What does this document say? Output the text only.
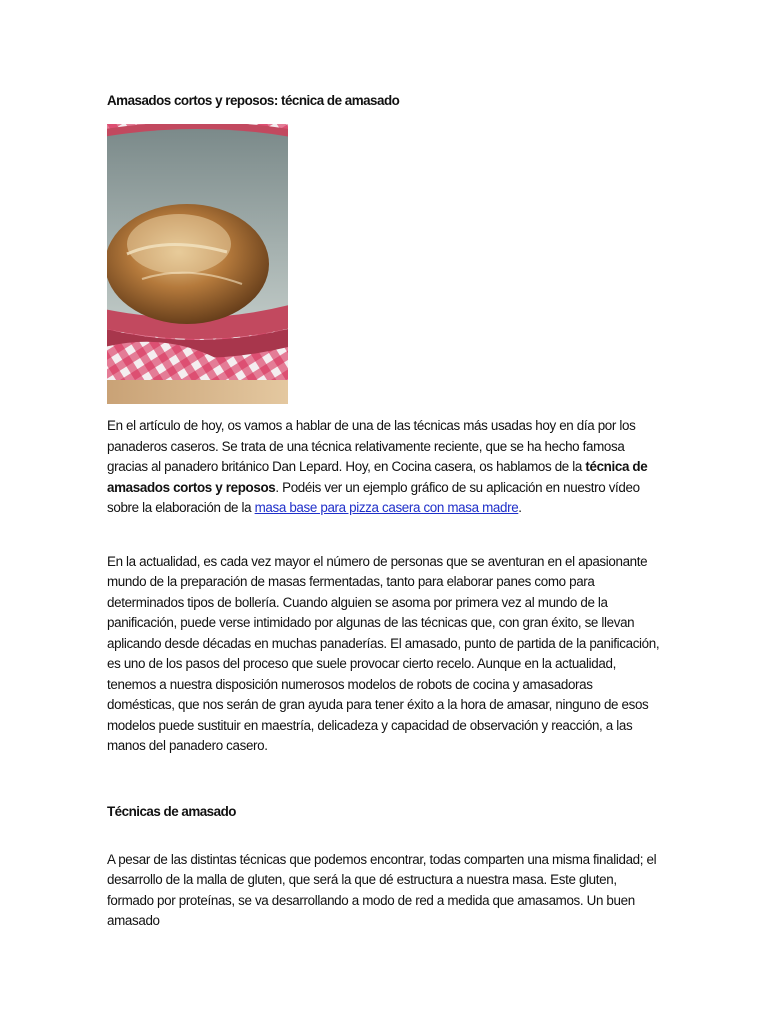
Amasados cortos y reposos: técnica de amasado

En el artículo de hoy, os vamos a hablar de una de las técnicas más usadas hoy en día por los panaderos caseros. Se trata de una técnica relativamente reciente, que se ha hecho famosa gracias al panadero británico Dan Lepard. Hoy, en Cocina casera, os hablamos de la técnica de amasados cortos y reposos. Podéis ver un ejemplo gráfico de su aplicación en nuestro vídeo sobre la elaboración de la masa base para pizza casera con masa madre.

En la actualidad, es cada vez mayor el número de personas que se aventuran en el apasionante mundo de la preparación de masas fermentadas, tanto para elaborar panes como para determinados tipos de bollería. Cuando alguien se asoma por primera vez al mundo de la panificación, puede verse intimidado por algunas de las técnicas que, con gran éxito, se llevan aplicando desde décadas en muchas panaderías. El amasado, punto de partida de la panificación, es uno de los pasos del proceso que suele provocar cierto recelo. Aunque en la actualidad, tenemos a nuestra disposición numerosos modelos de robots de cocina y amasadoras domésticas, que nos serán de gran ayuda para tener éxito a la hora de amasar, ninguno de esos modelos puede sustituir en maestría, delicadeza y capacidad de observación y reacción, a las manos del panadero casero.

Técnicas de amasado

A pesar de las distintas técnicas que podemos encontrar, todas comparten una misma finalidad; el desarrollo de la malla de gluten, que será la que dé estructura a nuestra masa. Este gluten, formado por proteínas, se va desarrollando a modo de red a medida que amasamos. Un buen amasado
